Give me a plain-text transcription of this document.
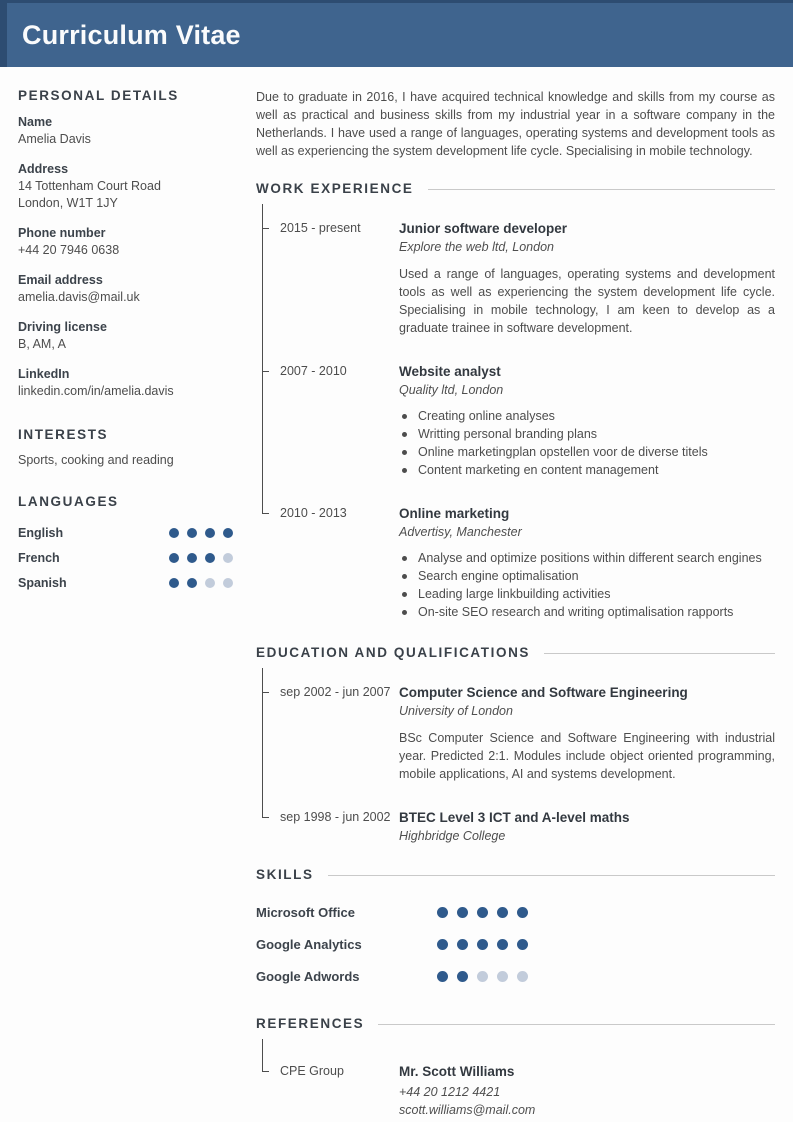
Curriculum Vitae
PERSONAL DETAILS
Name
Amelia Davis
Address
14 Tottenham Court Road
London, W1T 1JY
Phone number
+44 20 7946 0638
Email address
amelia.davis@mail.uk
Driving license
B, AM, A
LinkedIn
linkedin.com/in/amelia.davis
INTERESTS

Sports, cooking and reading

LANGUAGES
English
French
Spanish

Due to graduate in 2016, I have acquired technical knowledge and skills from my course as well as practical and business skills from my industrial year in a software company in the Netherlands. I have used a range of languages, operating systems and development tools as well as experiencing the system development life cycle. Specialising in mobile technology.

WORK EXPERIENCE
2015 - present	Junior software developer
Explore the web ltd, London

Used a range of languages, operating systems and development tools as well as experiencing the system development life cycle. Specialising in mobile technology, I am keen to develop as a graduate trainee in software development.

2007 - 2010	Website analyst
Quality ltd, London
Creating online analyses
Writting personal branding plans
Online marketingplan opstellen voor de diverse titels
Content marketing en content management
2010 - 2013	Online marketing
Advertisy, Manchester
Analyse and optimize positions within different search engines
Search engine optimalisation
Leading large linkbuilding activities
On-site SEO research and writing optimalisation rapports
EDUCATION AND QUALIFICATIONS
sep 2002 - jun 2007 Computer Science and Software Engineering
University of London

BSc Computer Science and Software Engineering with industrial year. Predicted 2:1. Modules include object oriented programming, mobile applications, AI and systems development.

sep 1998 - jun 2002 BTEC Level 3 ICT and A-level maths
Highbridge College
SKILLS
Microsoft Office
Google Analytics
Google Adwords
REFERENCES
CPE Group	Mr. Scott Williams
+44 20 1212 4421
scott.williams@mail.com
